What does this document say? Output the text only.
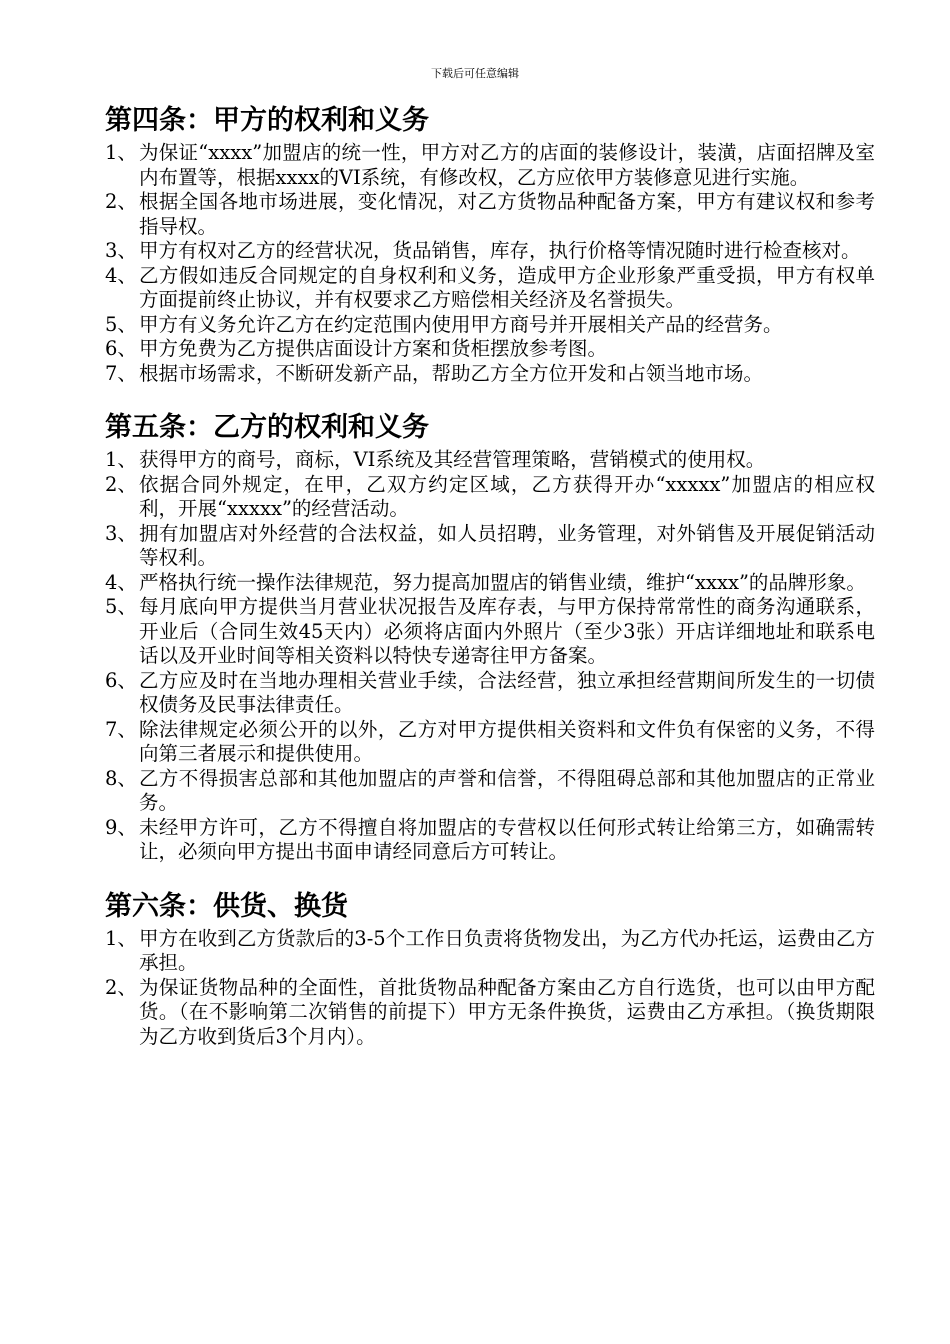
下载后可任意编辑
第四条：甲方的权利和义务
1、 为保证“xxxx”加盟店的统一性，甲方对乙方的店面的装修设计，装潢，店面招牌及室内布置等，根据xxxx的VI系统，有修改权，乙方应依甲方装修意见进行实施。
2、 根据全国各地市场进展，变化情况，对乙方货物品种配备方案，甲方有建议权和参考指导权。
3、 甲方有权对乙方的经营状况，货品销售，库存，执行价格等情况随时进行检查核对。
4、 乙方假如违反合同规定的自身权利和义务，造成甲方企业形象严重受损，甲方有权单方面提前终止协议，并有权要求乙方赔偿相关经济及名誉损失。
5、 甲方有义务允许乙方在约定范围内使用甲方商号并开展相关产品的经营务。
6、 甲方免费为乙方提供店面设计方案和货柜摆放参考图。
7、 根据市场需求，不断研发新产品，帮助乙方全方位开发和占领当地市场。
第五条：乙方的权利和义务
1、 获得甲方的商号，商标，VI系统及其经营管理策略，营销模式的使用权。
2、 依据合同外规定，在甲，乙双方约定区域，乙方获得开办“xxxxx”加盟店的相应权利，开展“xxxxx”的经营活动。
3、 拥有加盟店对外经营的合法权益，如人员招聘，业务管理，对外销售及开展促销活动等权利。
4、 严格执行统一操作法律规范，努力提高加盟店的销售业绩，维护“xxxx”的品牌形象。
5、 每月底向甲方提供当月营业状况报告及库存表，与甲方保持常常性的商务沟通联系，开业后（合同生效45天内）必须将店面内外照片（至少3张）开店详细地址和联系电话以及开业时间等相关资料以特快专递寄往甲方备案。
6、 乙方应及时在当地办理相关营业手续，合法经营，独立承担经营期间所发生的一切债权债务及民事法律责任。
7、 除法律规定必须公开的以外，乙方对甲方提供相关资料和文件负有保密的义务，不得向第三者展示和提供使用。
8、 乙方不得损害总部和其他加盟店的声誉和信誉，不得阻碍总部和其他加盟店的正常业务。
9、 未经甲方许可，乙方不得擅自将加盟店的专营权以任何形式转让给第三方，如确需转让，必须向甲方提出书面申请经同意后方可转让。
第六条：供货、换货
1、 甲方在收到乙方货款后的3-5个工作日负责将货物发出，为乙方代办托运，运费由乙方承担。
2、 为保证货物品种的全面性，首批货物品种配备方案由乙方自行选货，也可以由甲方配货。（在不影响第二次销售的前提下）甲方无条件换货，运费由乙方承担。（换货期限为乙方收到货后3个月内）。
